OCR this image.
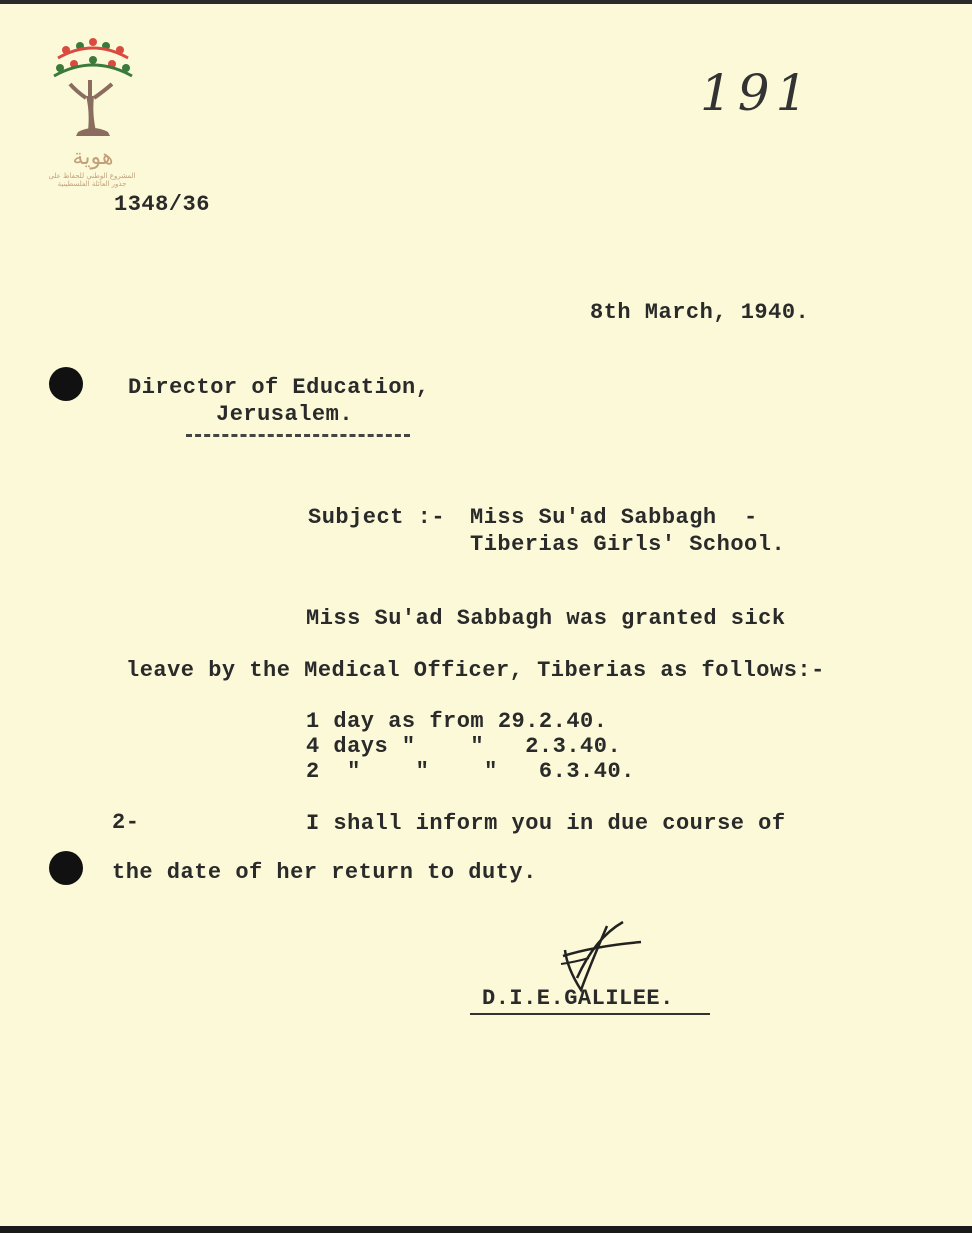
هوية
المشروع الوطني للحفاظ على جذور العائلة الفلسطينية
191
1348/36
8th March, 1940.
Director of Education,
Jerusalem.
Subject :- Miss Su'ad Sabbagh  -
Tiberias Girls' School.
Miss Su'ad Sabbagh was granted sick
leave by the Medical Officer, Tiberias as follows:-
1 day as from 29.2.40.
4 days "    "   2.3.40.
2  "    "    "   6.3.40.
2-	I shall inform you in due course of
the date of her return to duty.
D.I.E.GALILEE.
